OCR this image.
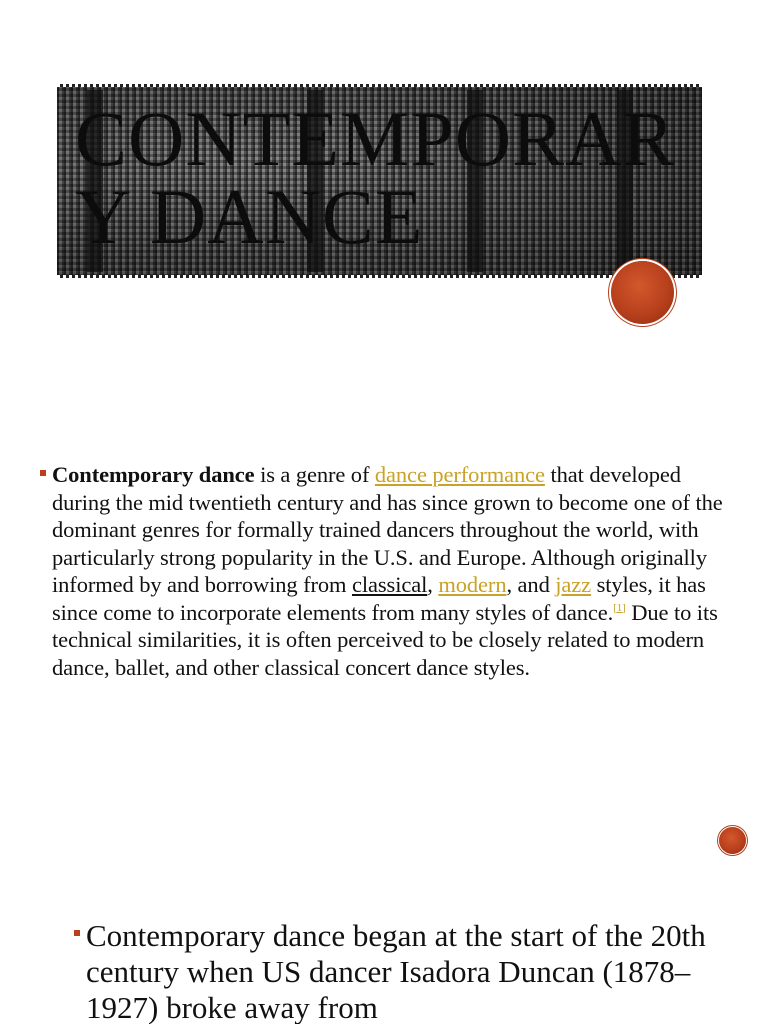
CONTEMPORARY DANCE

Contemporary dance is a genre of dance performance that developed during the mid twentieth century and has since grown to become one of the dominant genres for formally trained dancers throughout the world, with particularly strong popularity in the U.S. and Europe. Although originally informed by and borrowing from classical, modern, and jazz styles, it has since come to incorporate elements from many styles of dance.[1] Due to its technical similarities, it is often perceived to be closely related to modern dance, ballet, and other classical concert dance styles.

Contemporary dance began at the start of the 20th century when US dancer Isadora Duncan (1878–1927) broke away from
